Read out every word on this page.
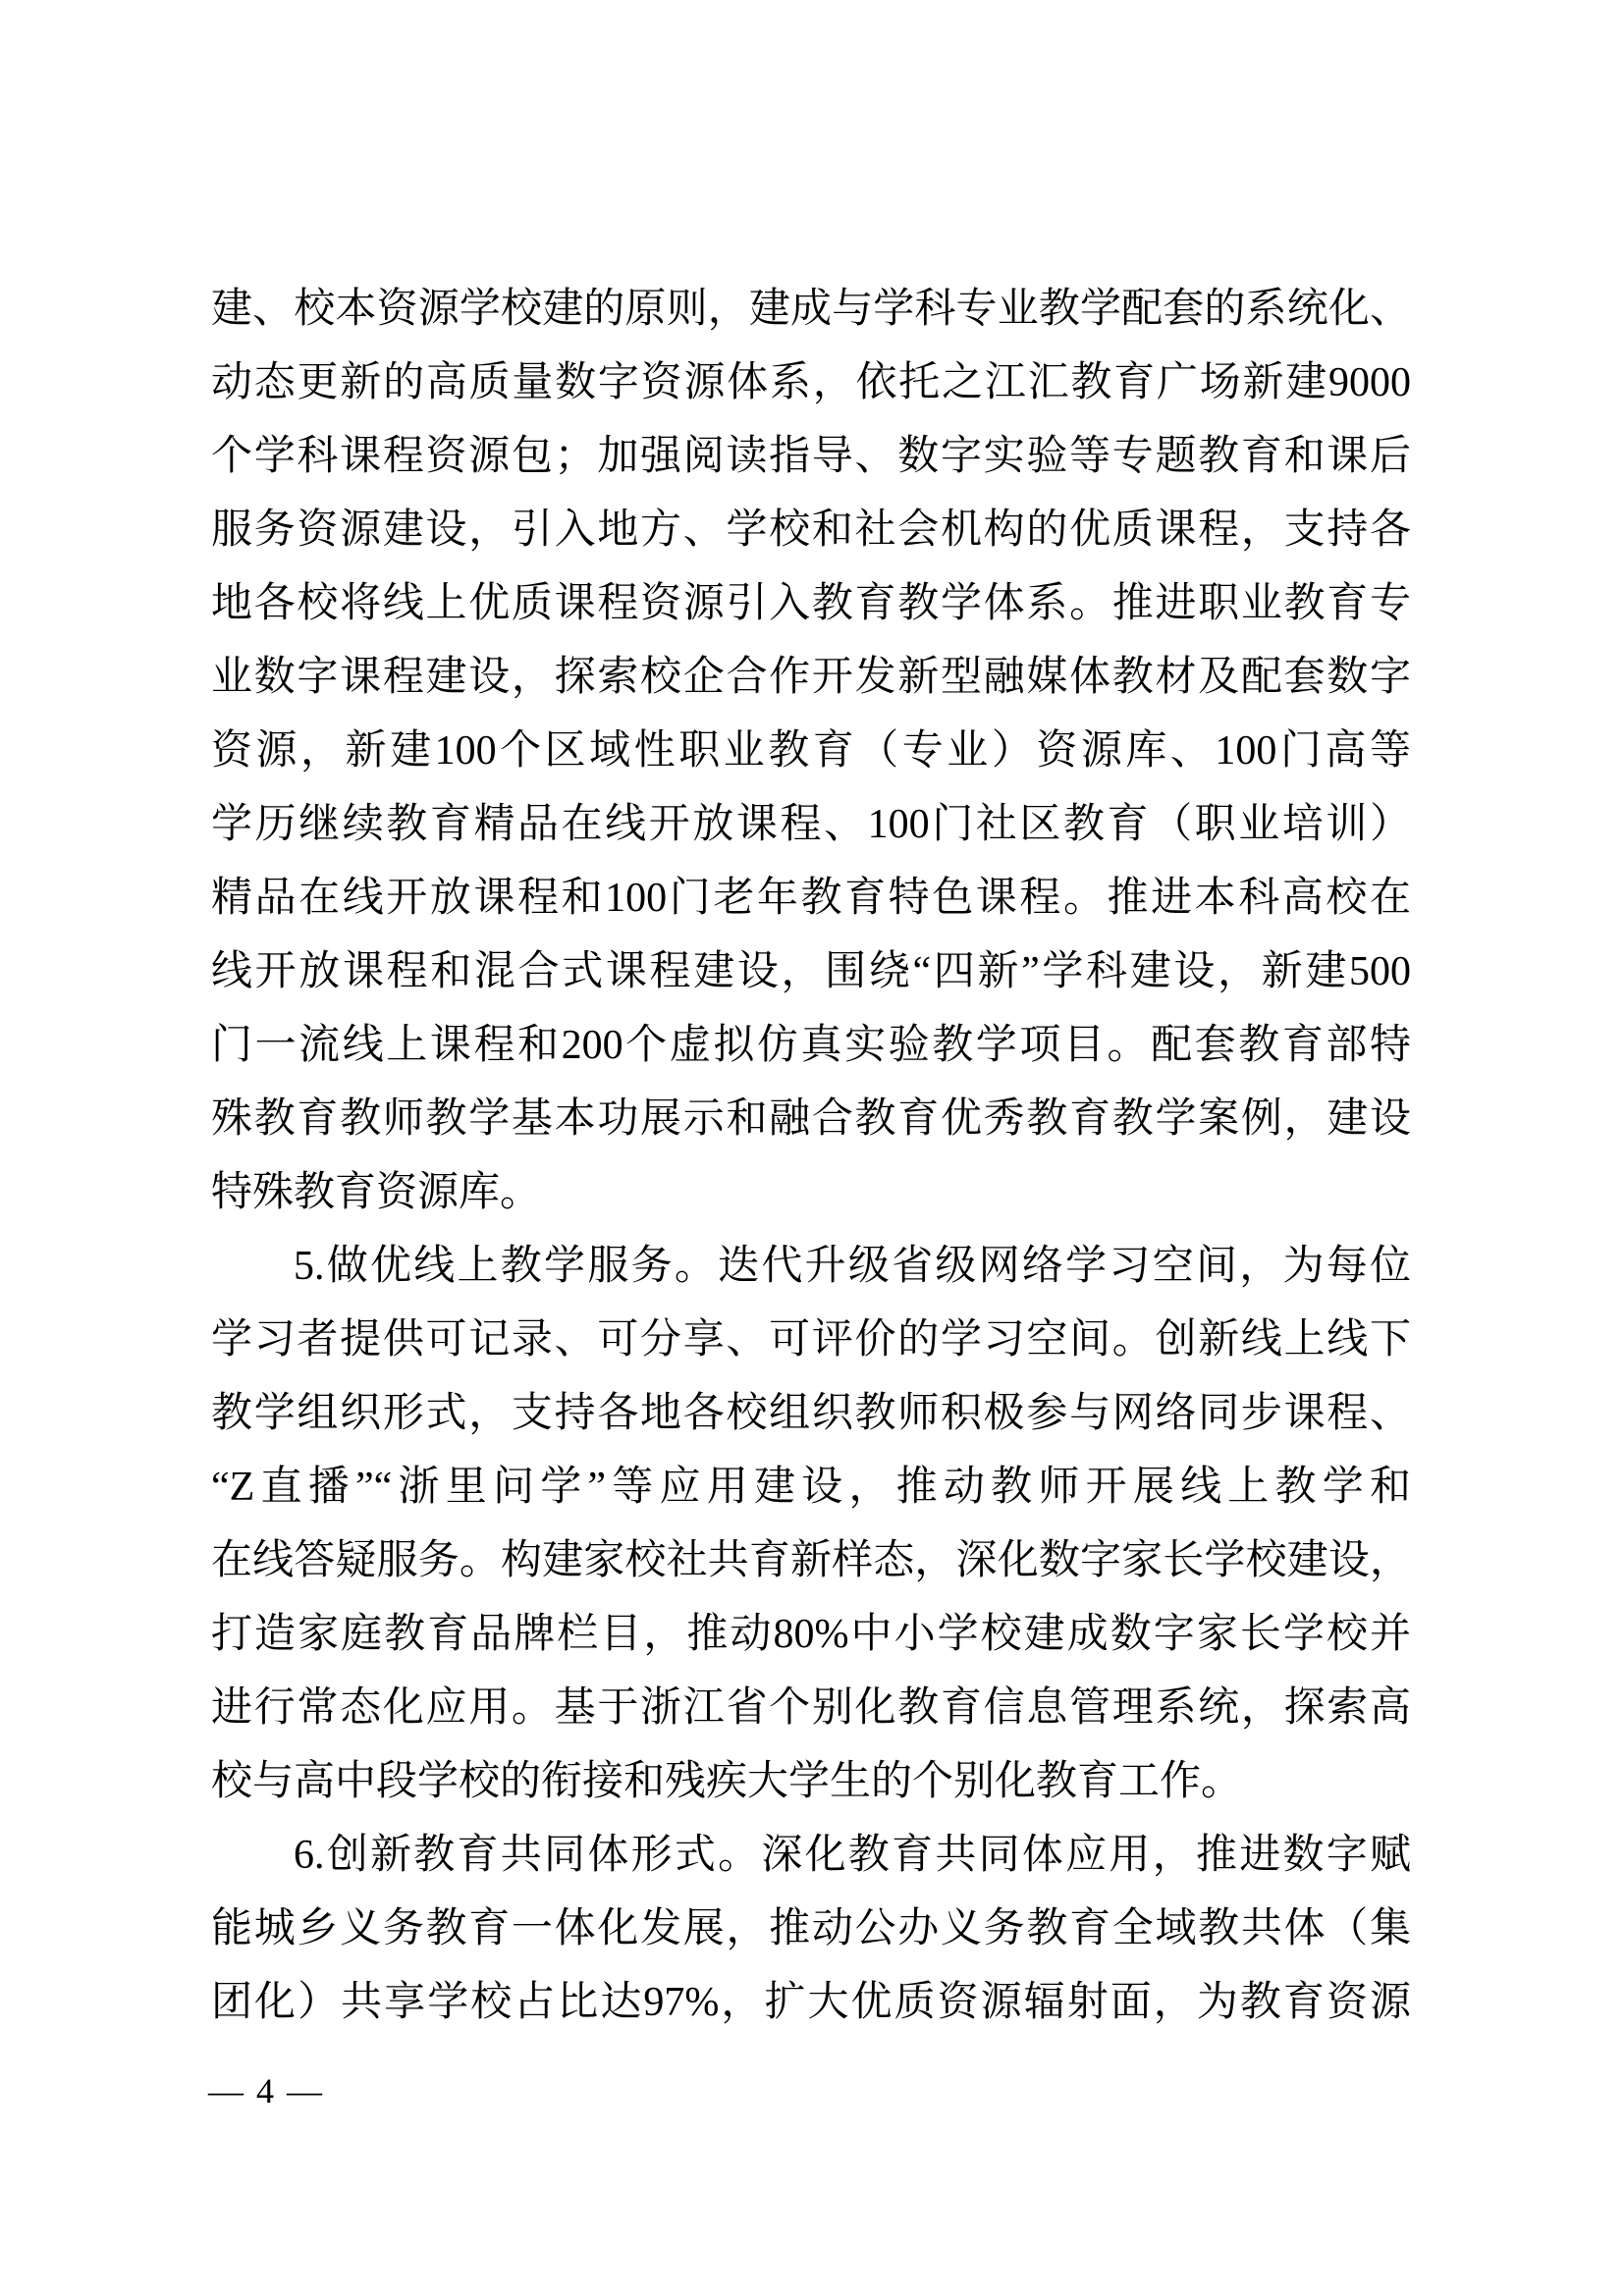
建、校本资源学校建的原则，建成与学科专业教学配套的系统化、
动态更新的高质量数字资源体系，依托之江汇教育广场新建9000
个学科课程资源包；加强阅读指导、数字实验等专题教育和课后
服务资源建设，引入地方、学校和社会机构的优质课程，支持各
地各校将线上优质课程资源引入教育教学体系。推进职业教育专
业数字课程建设，探索校企合作开发新型融媒体教材及配套数字
资源，新建100个区域性职业教育（专业）资源库、100门高等
学历继续教育精品在线开放课程、100门社区教育（职业培训）
精品在线开放课程和100门老年教育特色课程。推进本科高校在
线开放课程和混合式课程建设，围绕“四新”学科建设，新建500
门一流线上课程和200个虚拟仿真实验教学项目。配套教育部特
殊教育教师教学基本功展示和融合教育优秀教育教学案例，建设
特殊教育资源库。
5.做优线上教学服务。迭代升级省级网络学习空间，为每位
学习者提供可记录、可分享、可评价的学习空间。创新线上线下
教学组织形式，支持各地各校组织教师积极参与网络同步课程、
“Z直播”“浙里问学”等应用建设，推动教师开展线上教学和
在线答疑服务。构建家校社共育新样态，深化数字家长学校建设，
打造家庭教育品牌栏目，推动80%中小学校建成数字家长学校并
进行常态化应用。基于浙江省个别化教育信息管理系统，探索高
校与高中段学校的衔接和残疾大学生的个别化教育工作。
6.创新教育共同体形式。深化教育共同体应用，推进数字赋
能城乡义务教育一体化发展，推动公办义务教育全域教共体（集
团化）共享学校占比达97%，扩大优质资源辐射面，为教育资源
— 4 —
